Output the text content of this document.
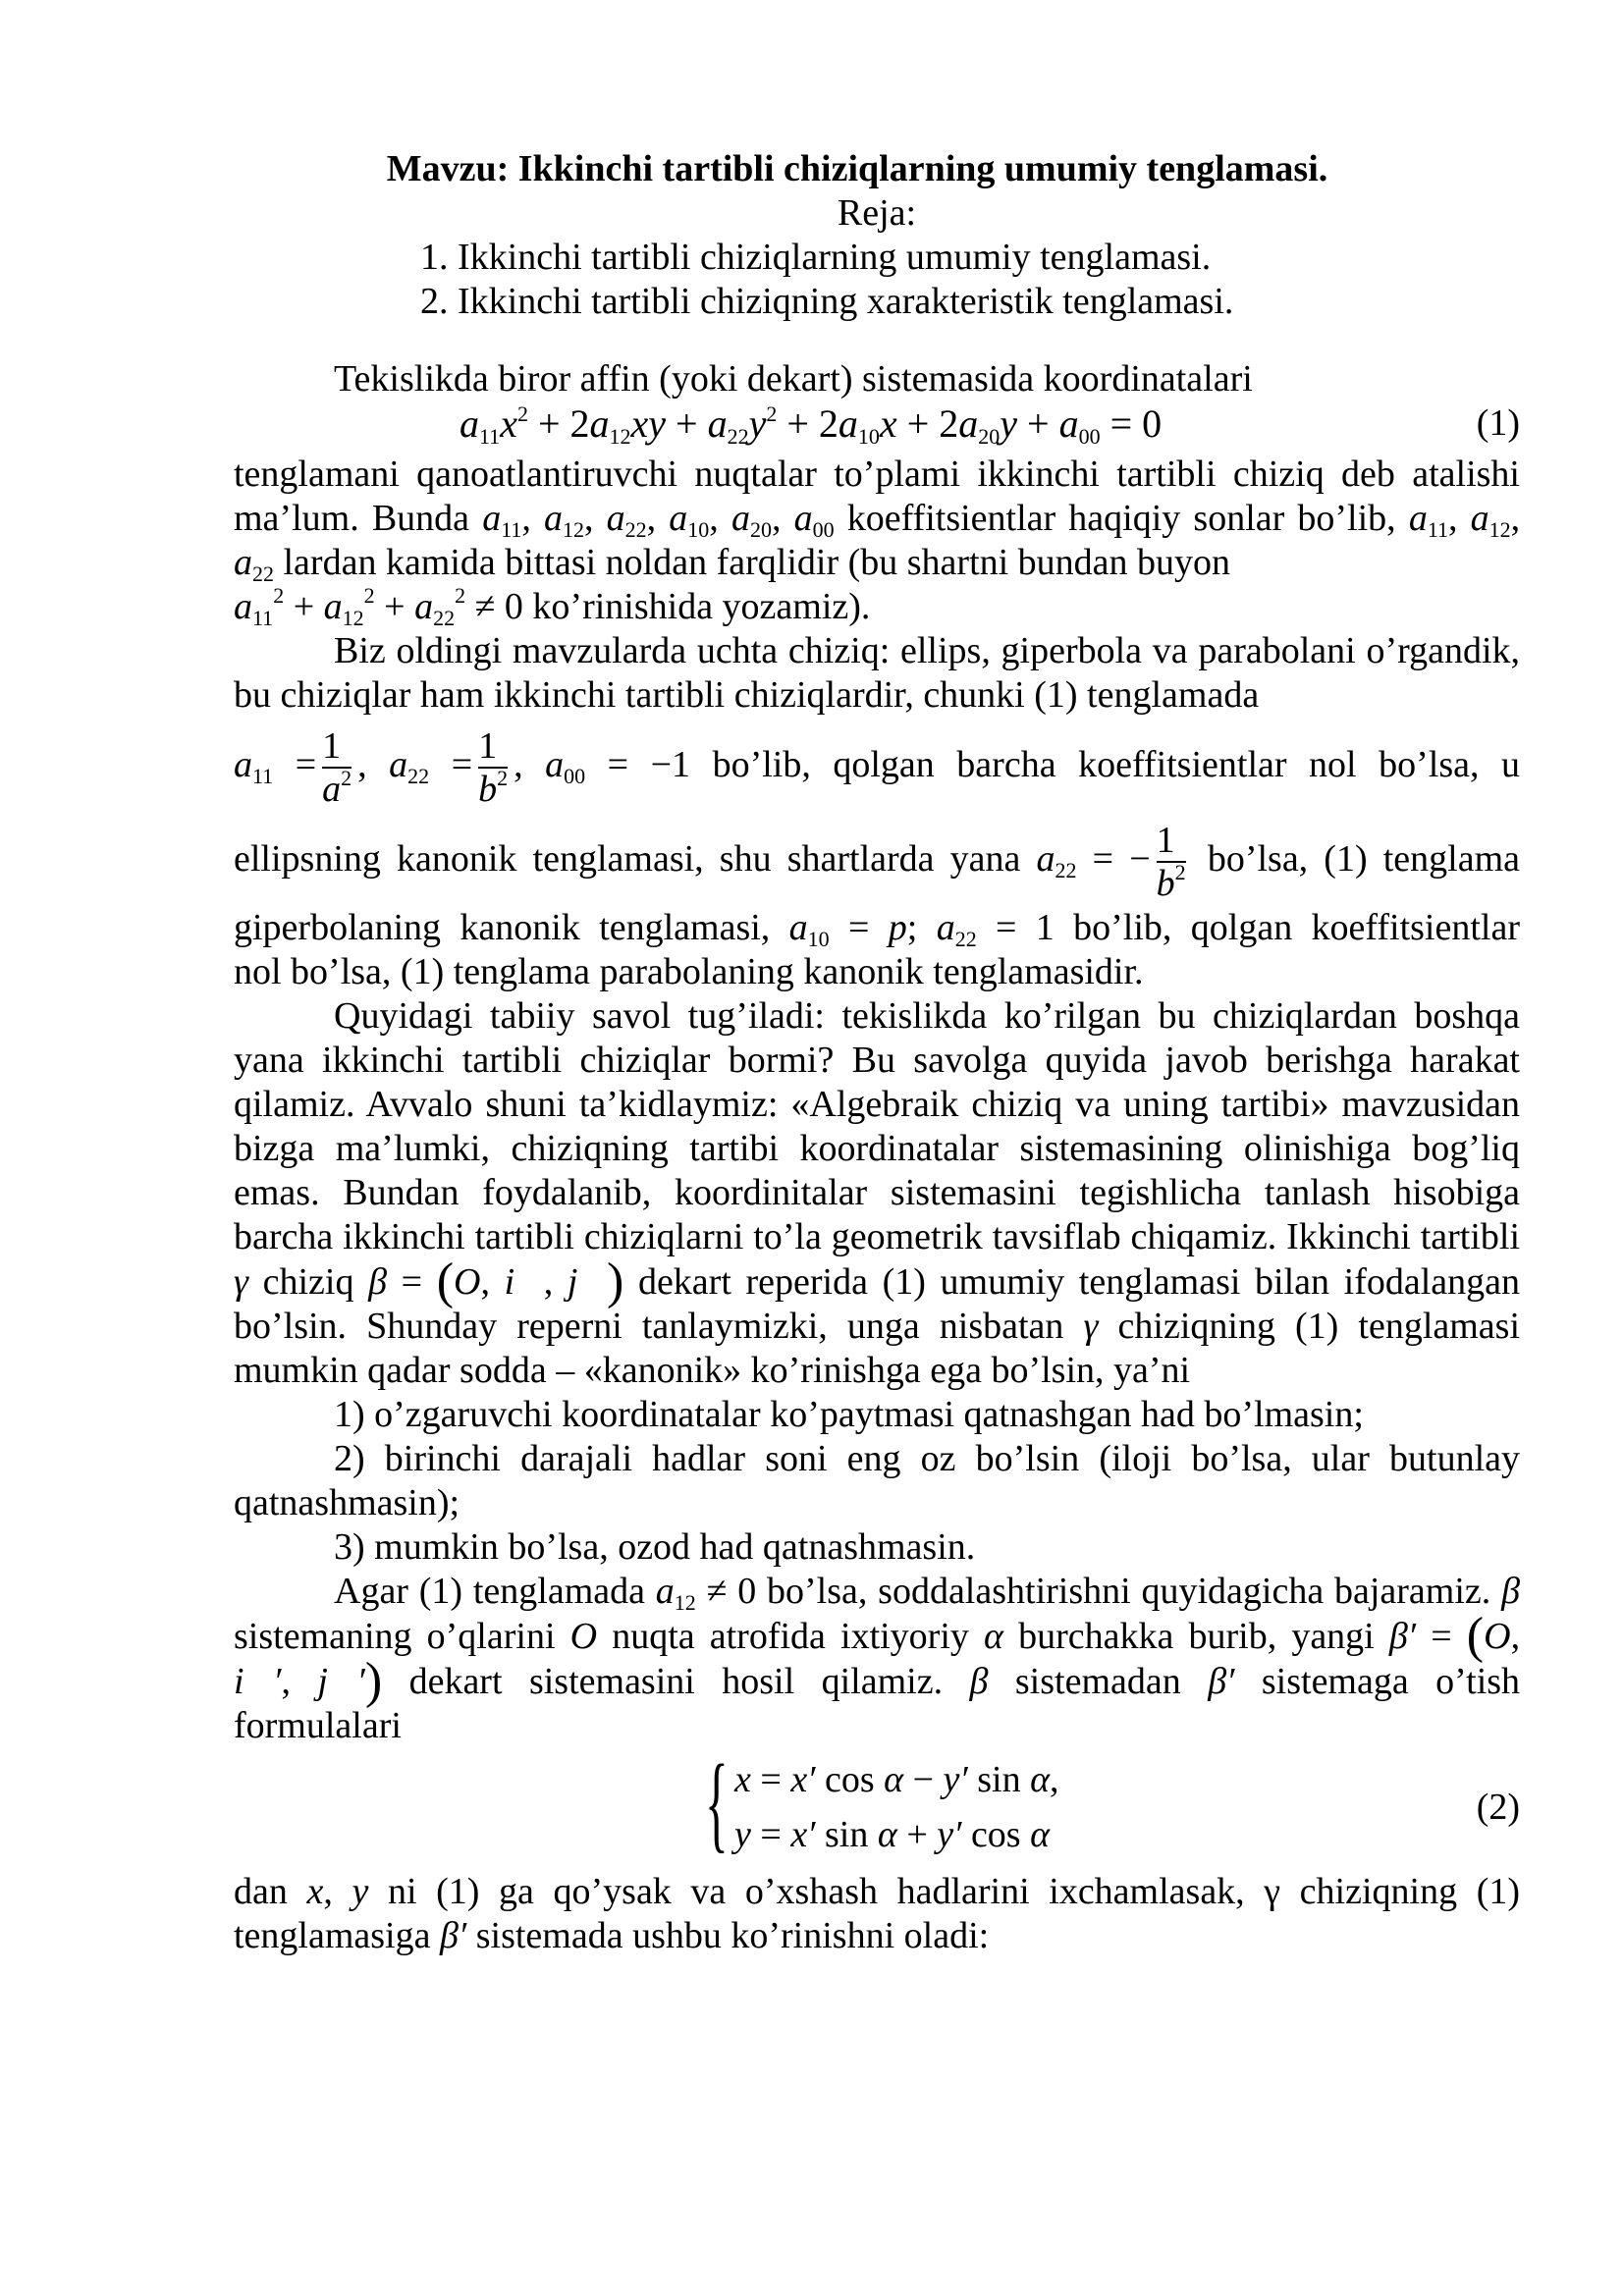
Mavzu: Ikkinchi tartibli chiziqlarning umumiy tenglamasi.
Reja:
1. Ikkinchi tartibli chiziqlarning umumiy tenglamasi.
2. Ikkinchi tartibli chiziqning xarakteristik tenglamasi.

Tekislikda biror affin (yoki dekart) sistemasida koordinatalari

$a_{11}x^2 + 2a_{12}xy + a_{22}y^2 + 2a_{10}x + 2a_{20}y + a_{00} = 0$	(1)

tenglamani qanoatlantiruvchi nuqtalar to’plami ikkinchi tartibli chiziq deb atalishi ma’lum. Bunda $a_{11}$, $a_{12}$, $a_{22}$, $a_{10}$, $a_{20}$, $a_{00}$ koeffitsientlar haqiqiy sonlar bo’lib, $a_{11}$, $a_{12}$, $a_{22}$ lardan kamida bittasi noldan farqlidir (bu shartni bundan buyon
$a_{11}^2 + a_{12}^2 + a_{22}^2 \ne 0$ ko’rinishida yozamiz).

Biz oldingi mavzularda uchta chiziq: ellips, giperbola va parabolani o’rgandik, bu chiziqlar ham ikkinchi tartibli chiziqlardir, chunki (1) tenglamada

$a_{11} = \frac{1}{a^2}$ , $a_{22} = \frac{1}{b^2}$ , $a_{00} = -1$ bo’lib, qolgan barcha koeffitsientlar nol bo’lsa, u

ellipsning kanonik tenglamasi, shu shartlarda yana $a_{22}$ = − $\frac{1}{b^2}$ bo’lsa, (1) tenglama

giperbolaning kanonik tenglamasi, $a_{10} = p$; $a_{22} = 1$ bo’lib, qolgan koeffitsientlar

nol bo’lsa, (1) tenglama parabolaning kanonik tenglamasidir.

Quyidagi tabiiy savol tug’iladi: tekislikda ko’rilgan bu chiziqlardan boshqa yana ikkinchi tartibli chiziqlar bormi? Bu savolga quyida javob berishga harakat qilamiz. Avvalo shuni ta’kidlaymiz: «Algebraik chiziq va uning tartibi» mavzusidan bizga ma’lumki, chiziqning tartibi koordinatalar sistemasining olinishiga bog’liq emas. Bundan foydalanib, koordinitalar sistemasini tegishlicha tanlash hisobiga barcha ikkinchi tartibli chiziqlarni to’la geometrik tavsiflab chiqamiz. Ikkinchi tartibli γ chiziq β = (O, i⃗, j⃗) dekart reperida (1) umumiy tenglamasi bilan ifodalangan bo’lsin. Shunday reperni tanlaymizki, unga nisbatan γ chiziqning (1) tenglamasi mumkin qadar sodda – «kanonik» ko’rinishga ega bo’lsin, ya’ni

1) o’zgaruvchi koordinatalar ko’paytmasi qatnashgan had bo’lmasin;

2) birinchi darajali hadlar soni eng oz bo’lsin (iloji bo’lsa, ular butunlay qatnashmasin);

3) mumkin bo’lsa, ozod had qatnashmasin.

Agar (1) tenglamada $a_{12} \ne 0$ bo’lsa, soddalashtirishni quyidagicha bajaramiz. β sistemaning o’qlarini O nuqta atrofida ixtiyoriy α burchakka burib, yangi β′ = (O, i⃗′, j⃗′) dekart sistemasini hosil qilamiz. β sistemadan β′ sistemaga o’tish formulalari

{ x = x′ cos α − y′ sin α,
y = x′ sin α + y′ cos α
(2)

dan x, y ni (1) ga qo’ysak va o’xshash hadlarini ixchamlasak, γ chiziqning (1) tenglamasiga β′ sistemada ushbu ko’rinishni oladi:
